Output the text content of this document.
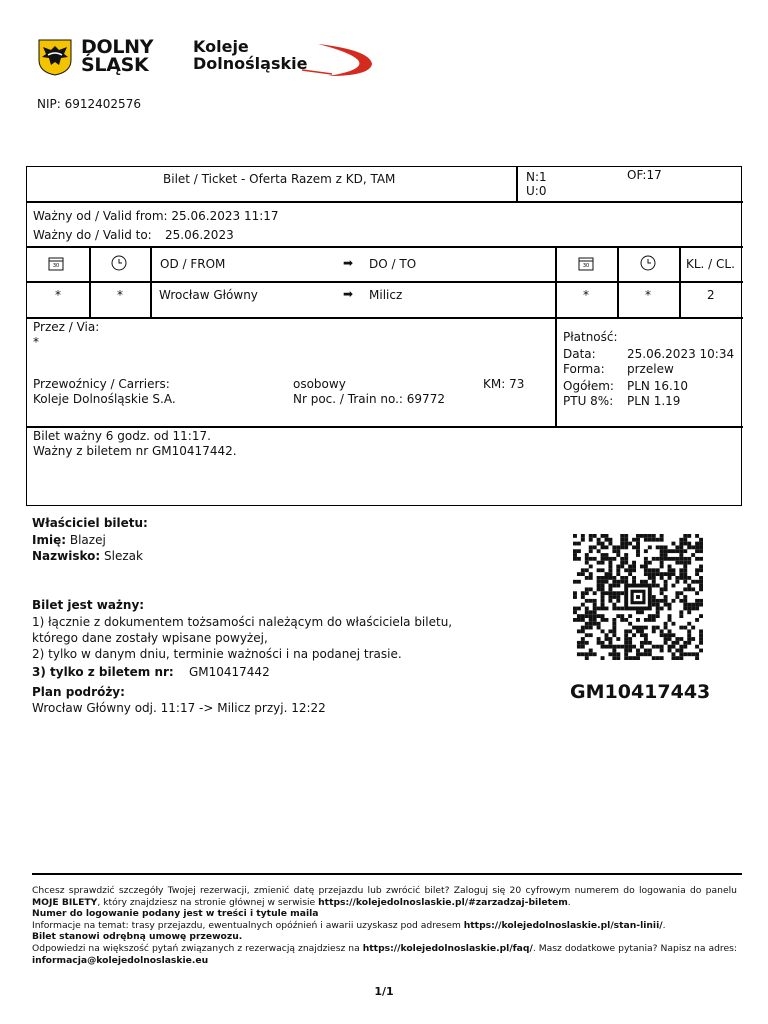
DOLNY
ŚLĄSK
Koleje
Dolnośląskie
NIP: 6912402576
Bilet / Ticket - Oferta Razem z KD, TAM	N:1
U:0
OF:17
Ważny od / Valid from: 25.06.2023 11:17
Ważny do / Valid to: 25.06.2023
30	OD / FROM	➡ DO / TO	30	KL. / CL.
*	*	Wrocław Główny	➡ Milicz	*	*	2
Przez / Via:
*
Przewoźnicy / Carriers:
Koleje Dolnośląskie S.A.
osobowy
Nr poc. / Train no.: 69772
KM: 73
Płatność:
Data:	25.06.2023 10:34
Forma: przelew
Ogółem: PLN 16.10
PTU 8%: PLN 1.19
Bilet ważny 6 godz. od 11:17.
Ważny z biletem nr GM10417442.
Właściciel biletu:
Imię: Blazej
Nazwisko: Slezak
Bilet jest ważny:
1) łącznie z dokumentem tożsamości należącym do właściciela biletu,
którego dane zostały wpisane powyżej,
2) tylko w danym dniu, terminie ważności i na podanej trasie.
3) tylko z biletem nr: GM10417442
Plan podróży:
Wrocław Główny odj. 11:17 -> Milicz przyj. 12:22
GM10417443

Chcesz sprawdzić szczegóły Twojej rezerwacji, zmienić datę przejazdu lub zwrócić bilet? Zaloguj się 20 cyfrowym numerem do logowania do panelu MOJE BILETY, który znajdziesz na stronie głównej w serwisie https://kolejedolnoslaskie.pl/#zarzadzaj-biletem.

Numer do logowanie podany jest w treści i tytule maila

Informacje na temat: trasy przejazdu, ewentualnych opóźnień i awarii uzyskasz pod adresem https://kolejedolnoslaskie.pl/stan-linii/.

Bilet stanowi odrębną umowę przewozu.

Odpowiedzi na większość pytań związanych z rezerwacją znajdziesz na https://kolejedolnoslaskie.pl/faq/. Masz dodatkowe pytania? Napisz na adres: informacja@kolejedolnoslaskie.eu

1/1
